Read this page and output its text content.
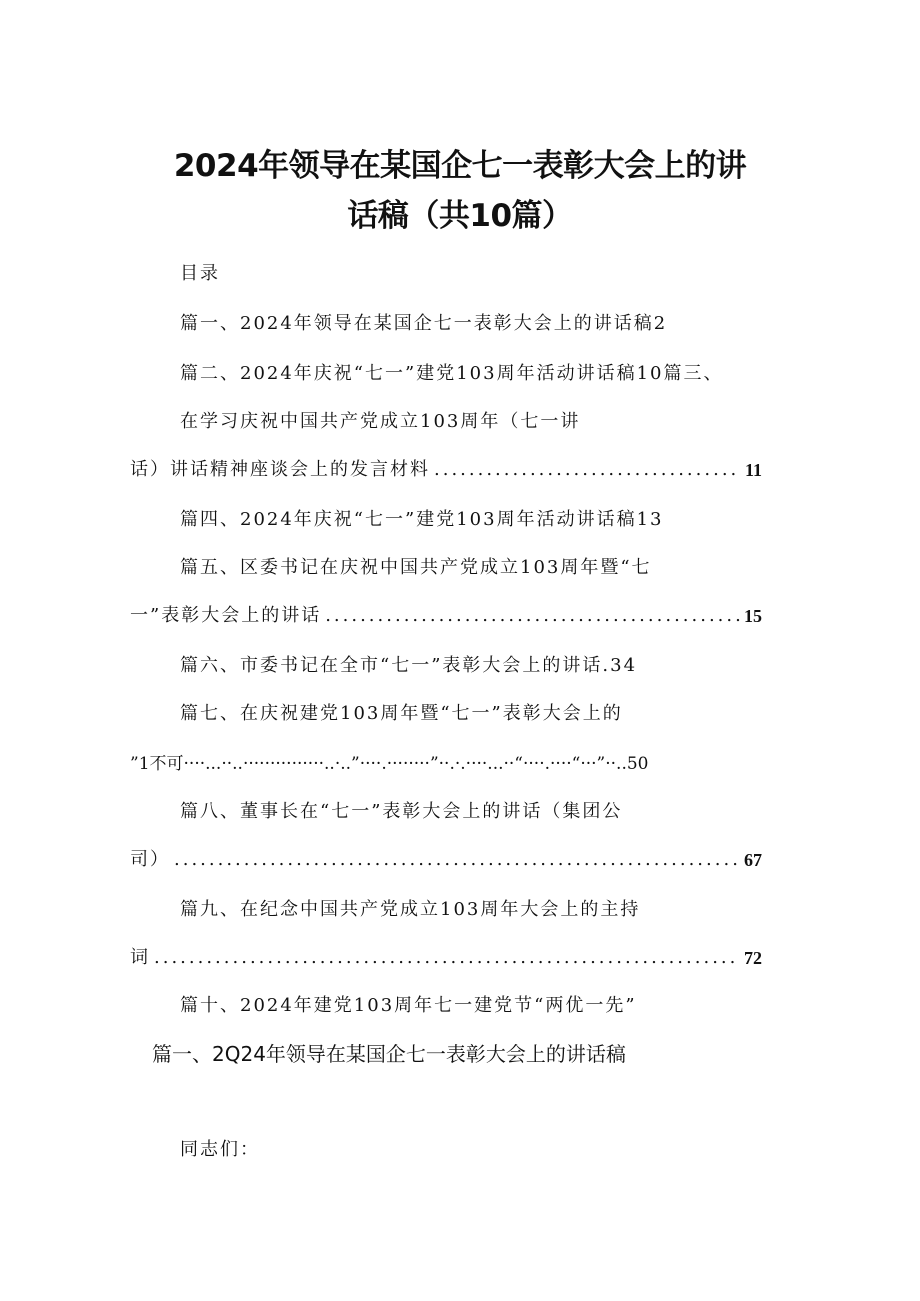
2024年领导在某国企七一表彰大会上的讲
话稿（共10篇）
目录
篇一、2024年领导在某国企七一表彰大会上的讲话稿2
篇二、2024年庆祝“七一”建党103周年活动讲话稿10篇三、
在学习庆祝中国共产党成立103周年（七一讲
话）讲话精神座谈会上的发言材料 .....	11
篇四、2024年庆祝“七一”建党103周年活动讲话稿13
篇五、区委书记在庆祝中国共产党成立103周年暨“七
一”表彰大会上的讲话 .....	15
篇六、市委书记在全市“七一”表彰大会上的讲话.34
篇七、在庆祝建党103周年暨“七一”表彰大会上的
”1不可····...··..···············..·..”····.········”··.·.····...··“····.····“···”··..50
篇八、董事长在“七一”表彰大会上的讲话（集团公
司） .....	67
篇九、在纪念中国共产党成立103周年大会上的主持
词 .....	72
篇十、2024年建党103周年七一建党节“两优一先”
篇一、2Q24年领导在某国企七一表彰大会上的讲话稿
同志们：
